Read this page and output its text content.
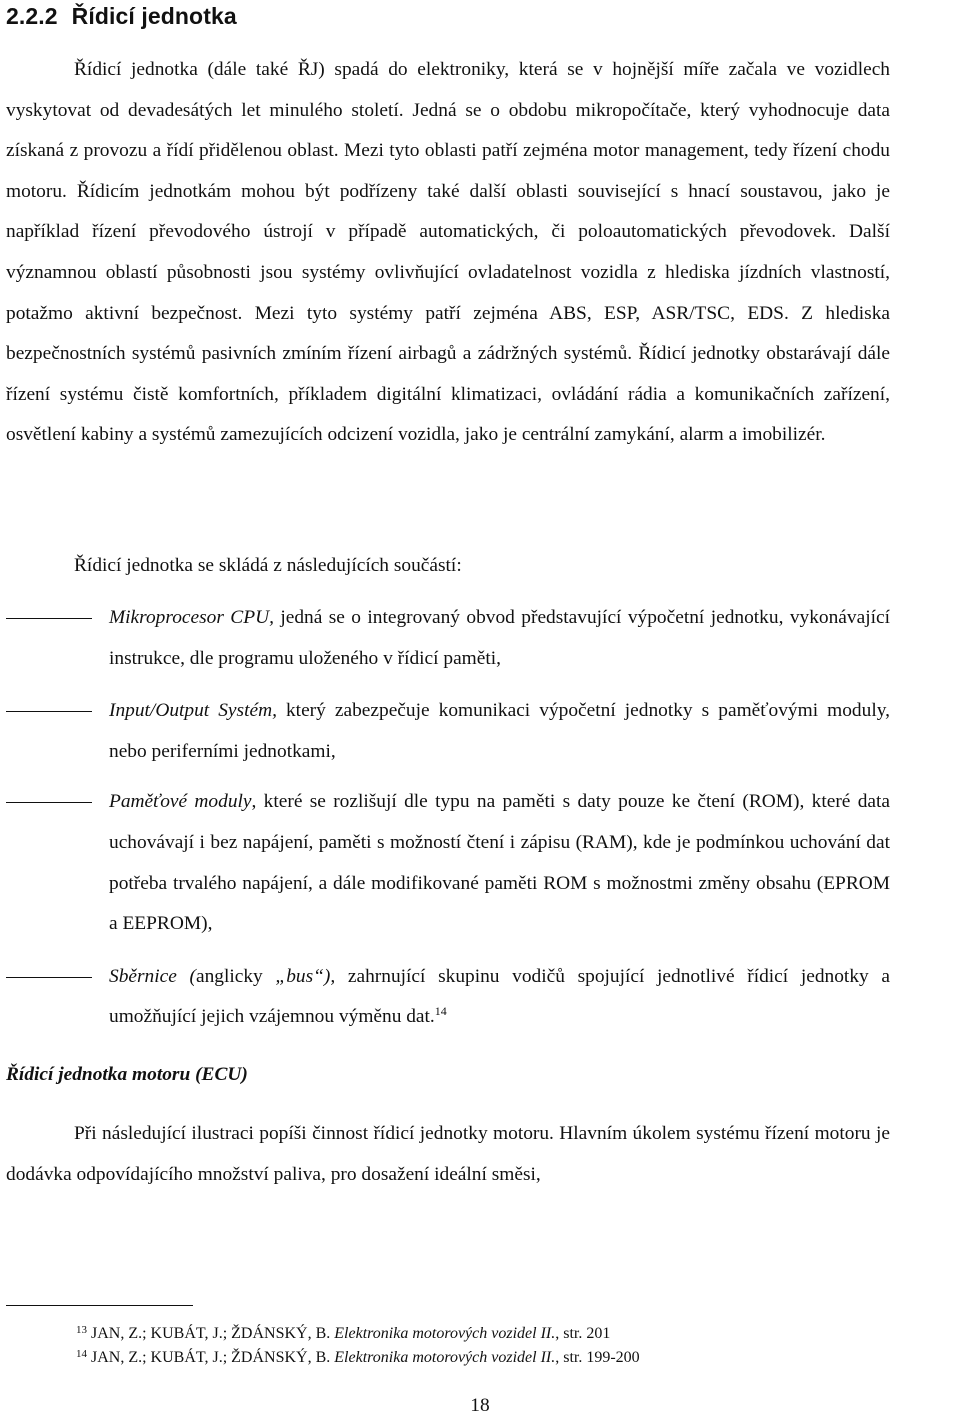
2.2.2 Řídicí jednotka
Řídicí jednotka (dále také ŘJ) spadá do elektroniky, která se v hojnější míře začala ve vozidlech vyskytovat od devadesátých let minulého století. Jedná se o obdobu mikropočítače, který vyhodnocuje data získaná z provozu a řídí přidělenou oblast. Mezi tyto oblasti patří zejména motor management, tedy řízení chodu motoru. Řídicím jednotkám mohou být podřízeny také další oblasti související s hnací soustavou, jako je například řízení převodového ústrojí v případě automatických, či poloautomatických převodovek. Další významnou oblastí působnosti jsou systémy ovlivňující ovladatelnost vozidla z hlediska jízdních vlastností, potažmo aktivní bezpečnost. Mezi tyto systémy patří zejména ABS, ESP, ASR/TSC, EDS. Z hlediska bezpečnostních systémů pasivních zmíním řízení airbagů a zádržných systémů. Řídicí jednotky obstarávají dále řízení systému čistě komfortních, příkladem digitální klimatizaci, ovládání rádia a komunikačních zařízení, osvětlení kabiny a systémů zamezujících odcizení vozidla, jako je centrální zamykání, alarm a imobilizér.
Řídicí jednotka se skládá z následujících součástí:
Mikroprocesor CPU, jedná se o integrovaný obvod představující výpočetní jednotku, vykonávající instrukce, dle programu uloženého v řídicí paměti,
Input/Output Systém, který zabezpečuje komunikaci výpočetní jednotky s paměťovými moduly, nebo periferními jednotkami,
Paměťové moduly, které se rozlišují dle typu na paměti s daty pouze ke čtení (ROM), které data uchovávají i bez napájení, paměti s možností čtení i zápisu (RAM), kde je podmínkou uchování dat potřeba trvalého napájení, a dále modifikované paměti ROM s možnostmi změny obsahu (EPROM a EEPROM),
Sběrnice (anglicky „bus“), zahrnující skupinu vodičů spojující jednotlivé řídicí jednotky a umožňující jejich vzájemnou výměnu dat.$^{14}$
Řídicí jednotka motoru (ECU)
Při následující ilustraci popíši činnost řídicí jednotky motoru. Hlavním úkolem systému řízení motoru je dodávka odpovídajícího množství paliva, pro dosažení ideální směsi,
$^{13}$ JAN, Z.; KUBÁT, J.; ŽDÁNSKÝ, B. Elektronika motorových vozidel II., str. 201
$^{14}$ JAN, Z.; KUBÁT, J.; ŽDÁNSKÝ, B. Elektronika motorových vozidel II., str. 199-200
18
